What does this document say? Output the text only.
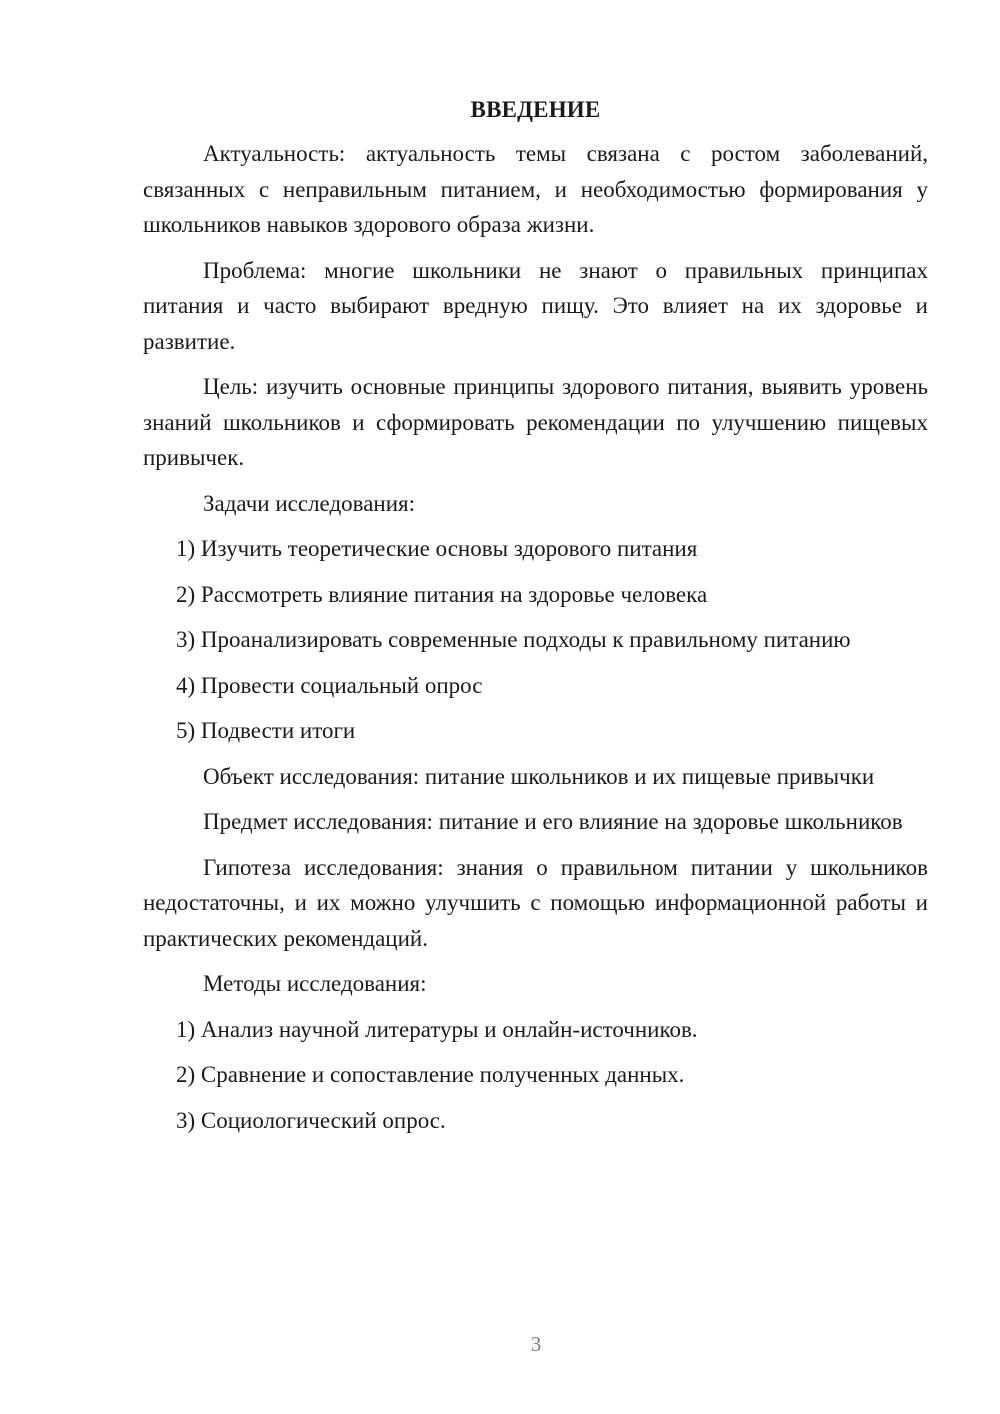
ВВЕДЕНИЕ

Актуальность: актуальность темы связана с ростом заболеваний, связанных с неправильным питанием, и необходимостью формирования у школьников навыков здорового образа жизни.

Проблема: многие школьники не знают о правильных принципах питания и часто выбирают вредную пищу. Это влияет на их здоровье и развитие.

Цель: изучить основные принципы здорового питания, выявить уровень знаний школьников и сформировать рекомендации по улучшению пищевых привычек.

Задачи исследования:

1) Изучить теоретические основы здорового питания
2) Рассмотреть влияние питания на здоровье человека
3) Проанализировать современные подходы к правильному питанию
4) Провести социальный опрос
5) Подвести итоги

Объект исследования: питание школьников и их пищевые привычки

Предмет исследования: питание и его влияние на здоровье школьников

Гипотеза исследования: знания о правильном питании у школьников недостаточны, и их можно улучшить с помощью информационной работы и практических рекомендаций.

Методы исследования:

1) Анализ научной литературы и онлайн-источников.
2) Сравнение и сопоставление полученных данных.
3) Социологический опрос.
3
